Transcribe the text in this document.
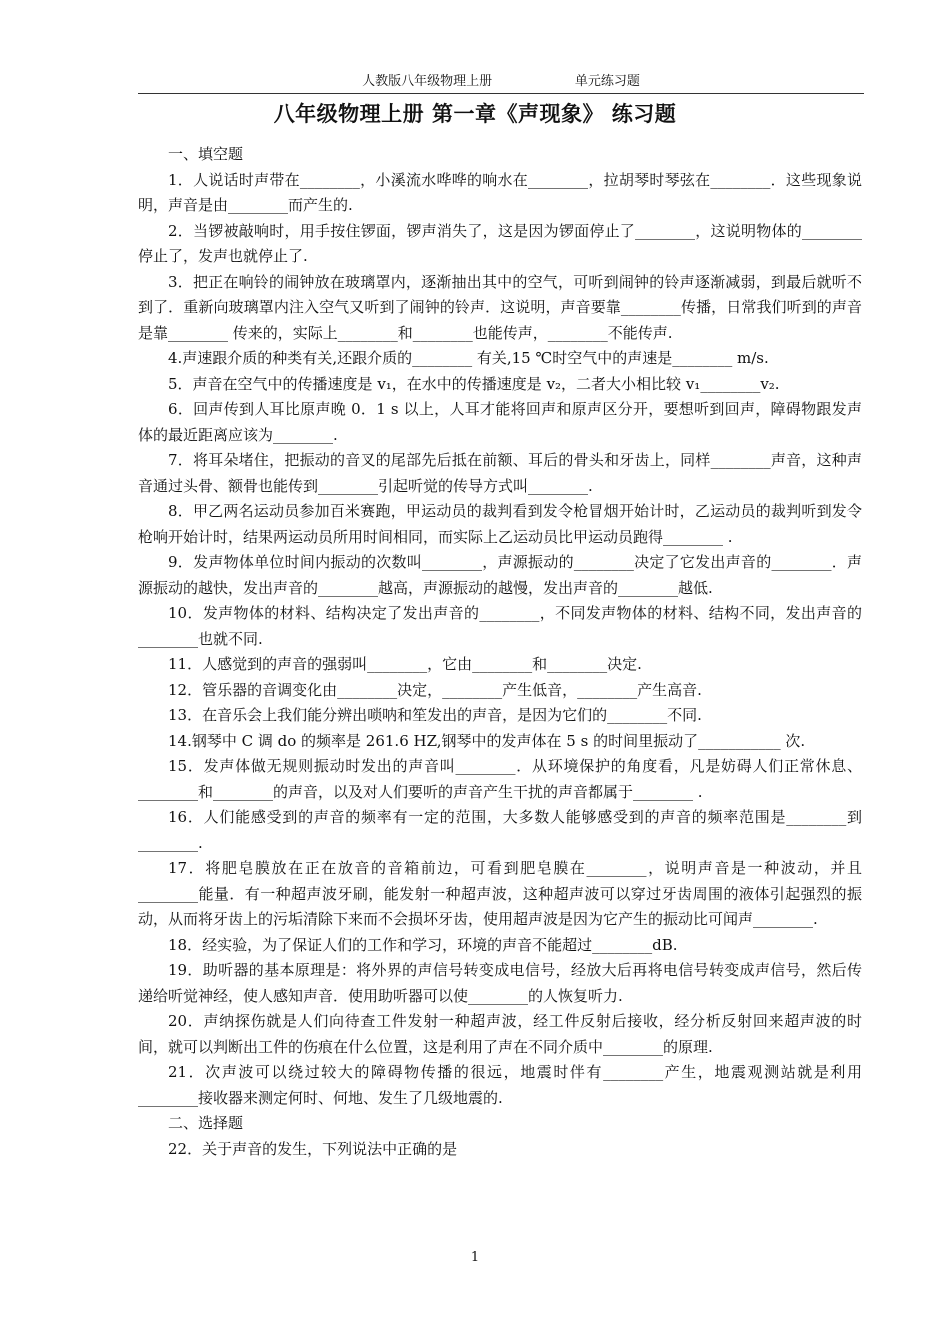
人教版八年级物理上册	单元练习题
八年级物理上册 第一章《声现象》 练习题

一、填空题

1．人说话时声带在________，小溪流水哗哗的响水在________，拉胡琴时琴弦在________．这些现象说明，声音是由________而产生的.

2．当锣被敲响时，用手按住锣面，锣声消失了，这是因为锣面停止了________，这说明物体的________停止了，发声也就停止了.

3．把正在响铃的闹钟放在玻璃罩内，逐渐抽出其中的空气，可听到闹钟的铃声逐渐减弱，到最后就听不到了．重新向玻璃罩内注入空气又听到了闹钟的铃声．这说明，声音要靠________传播，日常我们听到的声音是靠________ 传来的，实际上________和________也能传声，________不能传声.

4.声速跟介质的种类有关,还跟介质的________ 有关,15 ℃时空气中的声速是________ m/s.

5．声音在空气中的传播速度是 v₁，在水中的传播速度是 v₂，二者大小相比较 v₁________v₂.

6．回声传到人耳比原声晚 0．1 s 以上，人耳才能将回声和原声区分开，要想听到回声，障碍物跟发声体的最近距离应该为________.

7．将耳朵堵住，把振动的音叉的尾部先后抵在前额、耳后的骨头和牙齿上，同样________声音，这种声音通过头骨、额骨也能传到________引起听觉的传导方式叫________.

8．甲乙两名运动员参加百米赛跑，甲运动员的裁判看到发令枪冒烟开始计时，乙运动员的裁判听到发令枪响开始计时，结果两运动员所用时间相同，而实际上乙运动员比甲运动员跑得________ .

9．发声物体单位时间内振动的次数叫________，声源振动的________决定了它发出声音的________．声源振动的越快，发出声音的________越高，声源振动的越慢，发出声音的________越低.

10．发声物体的材料、结构决定了发出声音的________，不同发声物体的材料、结构不同，发出声音的________也就不同.

11．人感觉到的声音的强弱叫________，它由________和________决定.

12．管乐器的音调变化由________决定，________产生低音，________产生高音.

13．在音乐会上我们能分辨出唢呐和笙发出的声音，是因为它们的________不同.

14.钢琴中 C 调 do 的频率是 261.6 HZ,钢琴中的发声体在 5 s 的时间里振动了___________ 次.

15．发声体做无规则振动时发出的声音叫________．从环境保护的角度看，凡是妨碍人们正常休息、________和________的声音，以及对人们要听的声音产生干扰的声音都属于________ .

16．人们能感受到的声音的频率有一定的范围，大多数人能够感受到的声音的频率范围是________到________.

17．将肥皂膜放在正在放音的音箱前边，可看到肥皂膜在________，说明声音是一种波动，并且________能量．有一种超声波牙刷，能发射一种超声波，这种超声波可以穿过牙齿周围的液体引起强烈的振动，从而将牙齿上的污垢清除下来而不会损坏牙齿，使用超声波是因为它产生的振动比可闻声________.

18．经实验，为了保证人们的工作和学习，环境的声音不能超过________dB.

19．助听器的基本原理是：将外界的声信号转变成电信号，经放大后再将电信号转变成声信号，然后传递给听觉神经，使人感知声音．使用助听器可以使________的人恢复听力.

20．声纳探伤就是人们向待查工件发射一种超声波，经工件反射后接收，经分析反射回来超声波的时间，就可以判断出工件的伤痕在什么位置，这是利用了声在不同介质中________的原理.

21．次声波可以绕过较大的障碍物传播的很远，地震时伴有________产生，地震观测站就是利用________接收器来测定何时、何地、发生了几级地震的.

二、选择题

22．关于声音的发生，下列说法中正确的是

1
